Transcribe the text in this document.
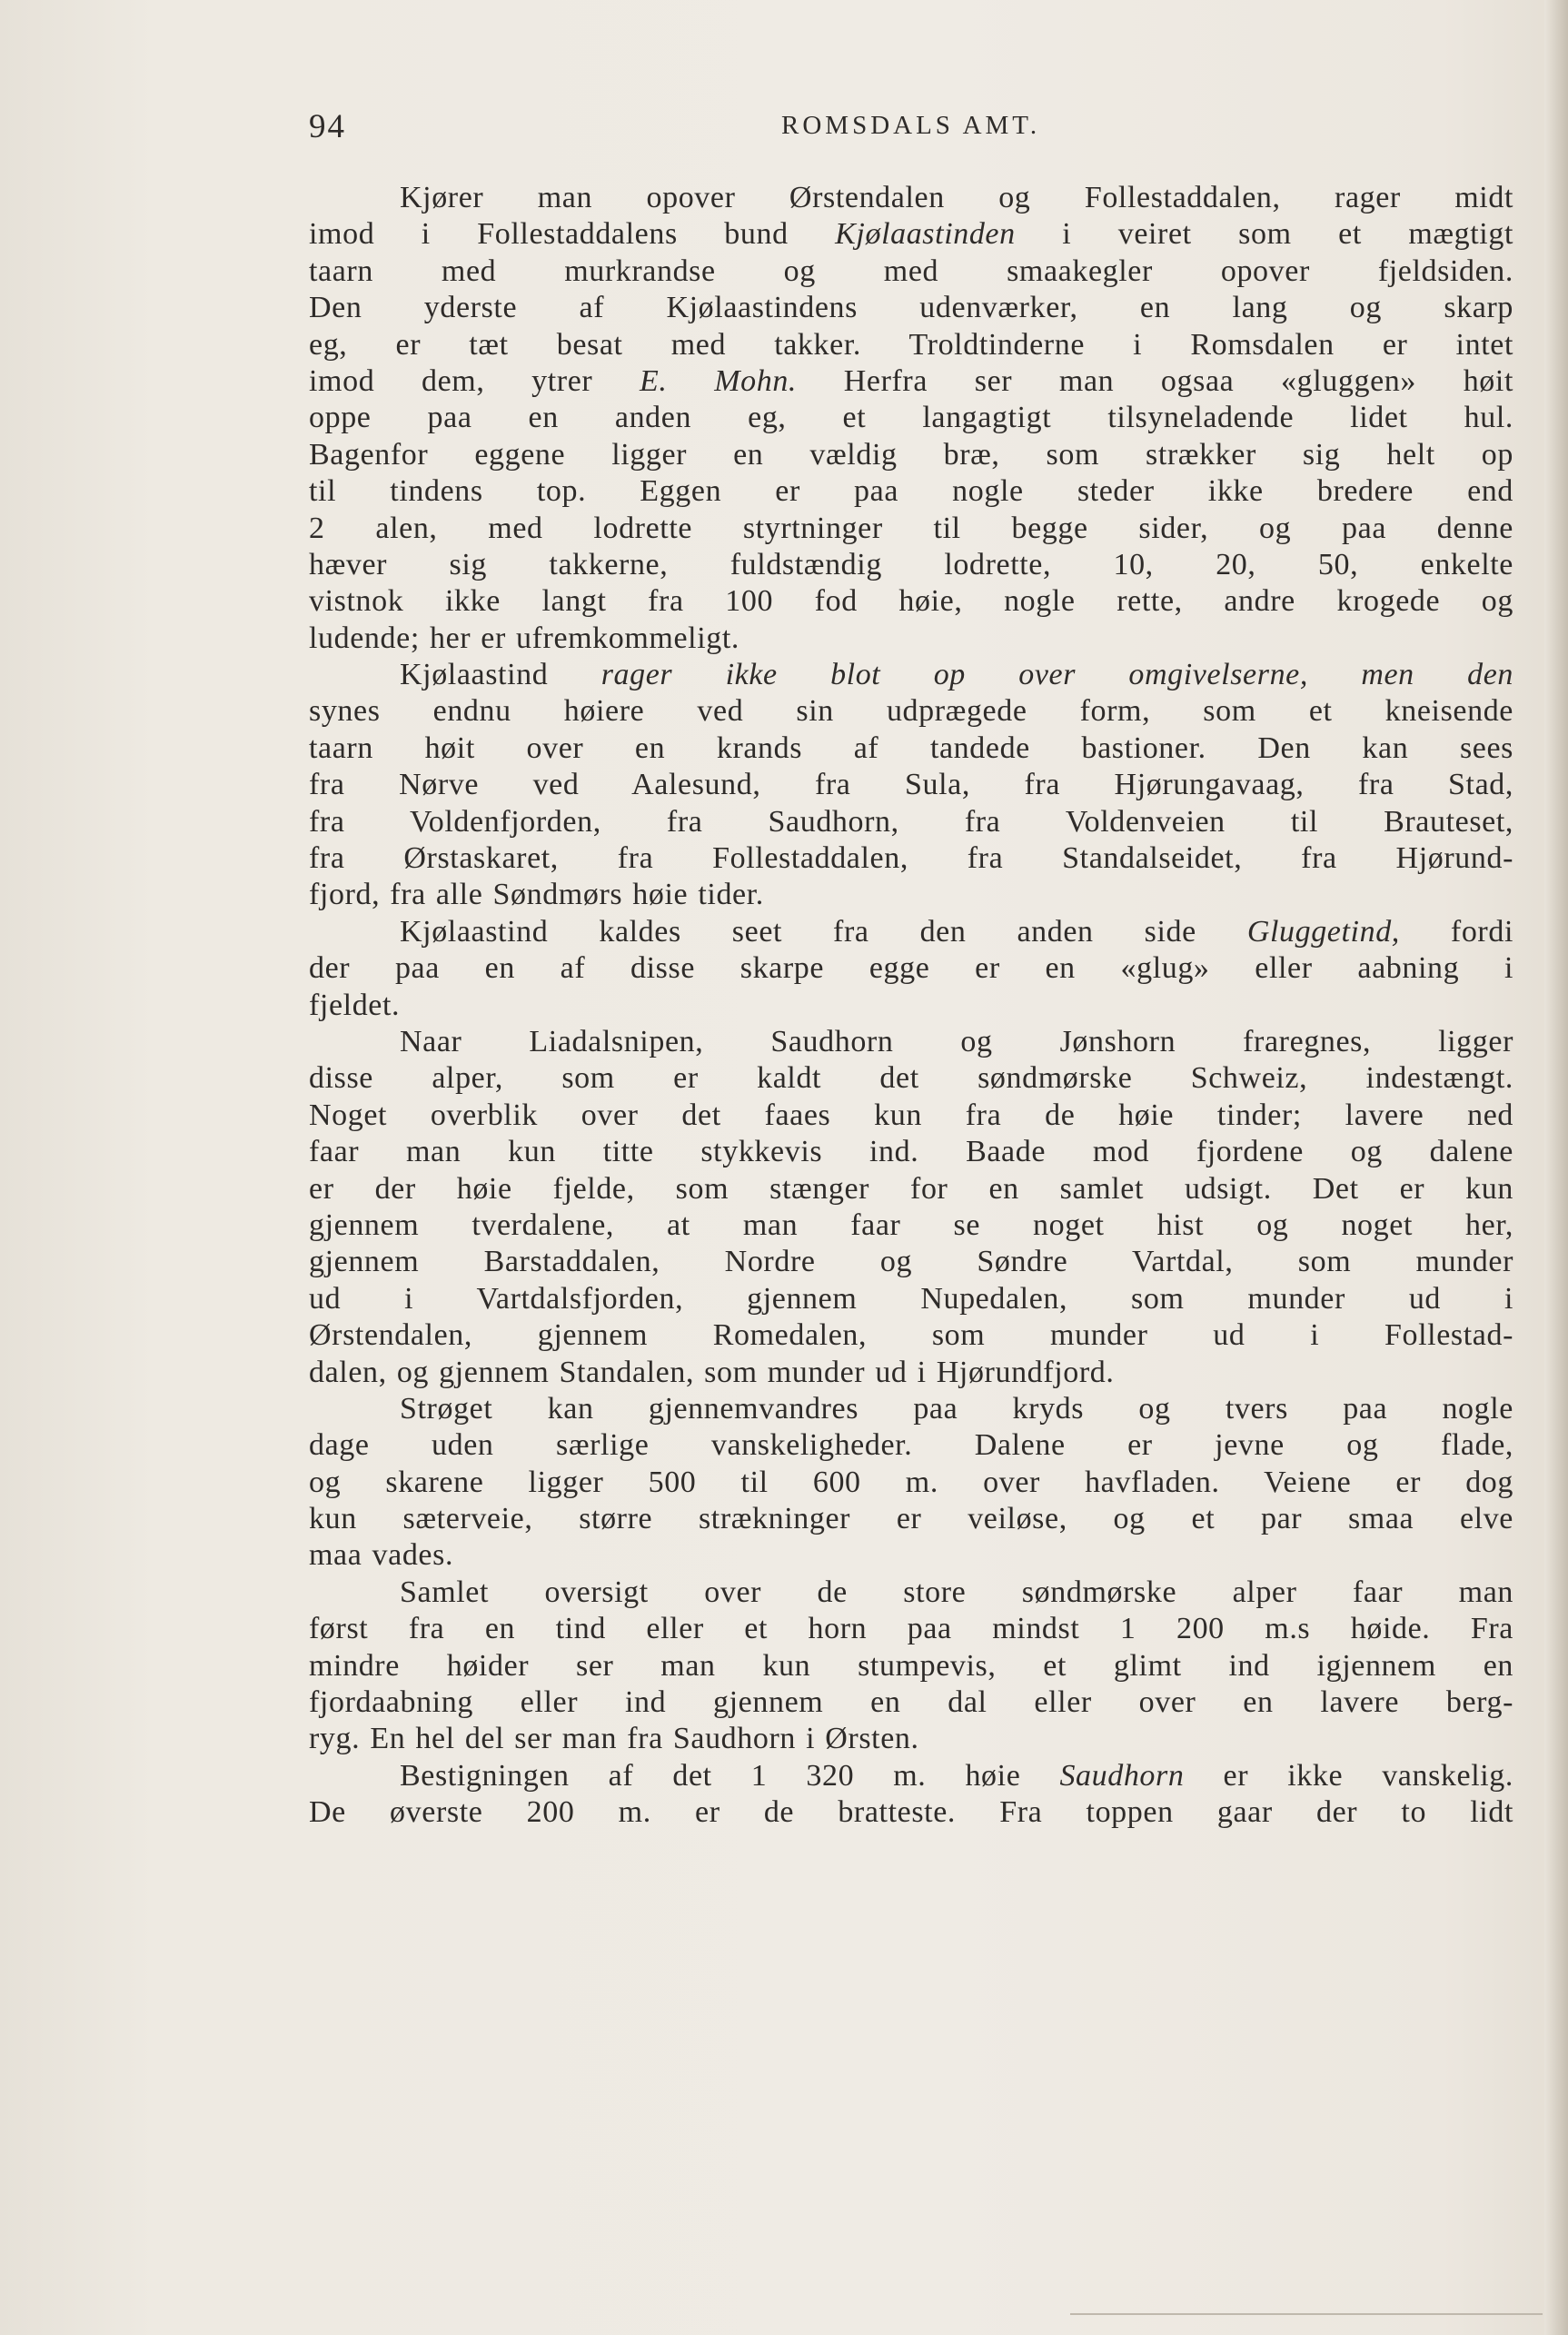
94	ROMSDALS AMT.
Kjører man opover Ørstendalen og Follestaddalen, rager midt
imod i Follestaddalens bund Kjølaastinden i veiret som et mægtigt
taarn med murkrandse og med smaakegler opover fjeldsiden.
Den yderste af Kjølaastindens udenværker, en lang og skarp
eg, er tæt besat med takker. Troldtinderne i Romsdalen er intet
imod dem, ytrer E. Mohn. Herfra ser man ogsaa «gluggen» høit
oppe paa en anden eg, et langagtigt tilsyneladende lidet hul.
Bagenfor eggene ligger en vældig bræ, som strækker sig helt op
til tindens top. Eggen er paa nogle steder ikke bredere end
2 alen, med lodrette styrtninger til begge sider, og paa denne
hæver sig takkerne, fuldstændig lodrette, 10, 20, 50, enkelte
vistnok ikke langt fra 100 fod høie, nogle rette, andre krogede og
ludende; her er ufremkommeligt.
Kjølaastind rager ikke blot op over omgivelserne, men den
synes endnu høiere ved sin udprægede form, som et kneisende
taarn høit over en krands af tandede bastioner. Den kan sees
fra Nørve ved Aalesund, fra Sula, fra Hjørungavaag, fra Stad,
fra Voldenfjorden, fra Saudhorn, fra Voldenveien til Brauteset,
fra Ørstaskaret, fra Follestaddalen, fra Standalseidet, fra Hjørund-
fjord, fra alle Søndmørs høie tider.
Kjølaastind kaldes seet fra den anden side Gluggetind, fordi
der paa en af disse skarpe egge er en «glug» eller aabning i
fjeldet.
Naar Liadalsnipen, Saudhorn og Jønshorn fraregnes, ligger
disse alper, som er kaldt det søndmørske Schweiz, indestængt.
Noget overblik over det faaes kun fra de høie tinder; lavere ned
faar man kun titte stykkevis ind. Baade mod fjordene og dalene
er der høie fjelde, som stænger for en samlet udsigt. Det er kun
gjennem tverdalene, at man faar se noget hist og noget her,
gjennem Barstaddalen, Nordre og Søndre Vartdal, som munder
ud i Vartdalsfjorden, gjennem Nupedalen, som munder ud i
Ørstendalen, gjennem Romedalen, som munder ud i Follestad-
dalen, og gjennem Standalen, som munder ud i Hjørundfjord.
Strøget kan gjennemvandres paa kryds og tvers paa nogle
dage uden særlige vanskeligheder. Dalene er jevne og flade,
og skarene ligger 500 til 600 m. over havfladen. Veiene er dog
kun sæterveie, større strækninger er veiløse, og et par smaa elve
maa vades.
Samlet oversigt over de store søndmørske alper faar man
først fra en tind eller et horn paa mindst 1 200 m.s høide. Fra
mindre høider ser man kun stumpevis, et glimt ind igjennem en
fjordaabning eller ind gjennem en dal eller over en lavere berg-
ryg. En hel del ser man fra Saudhorn i Ørsten.
Bestigningen af det 1 320 m. høie Saudhorn er ikke vanskelig.
De øverste 200 m. er de bratteste. Fra toppen gaar der to lidt
